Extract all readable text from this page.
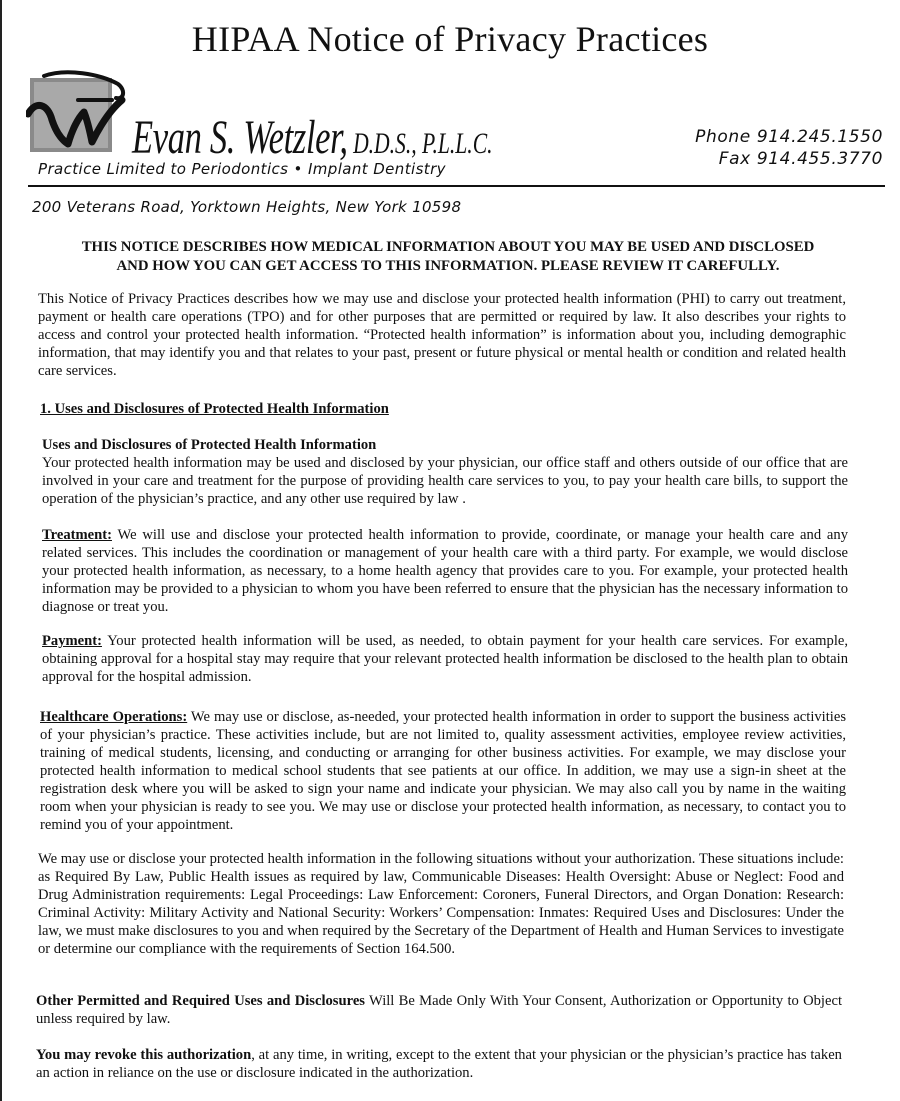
HIPAA Notice of Privacy Practices
Evan S. Wetzler, D.D.S., P.L.L.C.
Practice Limited to Periodontics • Implant Dentistry
Phone 914.245.1550
Fax 914.455.3770
200 Veterans Road, Yorktown Heights, New York 10598
THIS NOTICE DESCRIBES HOW MEDICAL INFORMATION ABOUT YOU MAY BE USED AND DISCLOSED
AND HOW YOU CAN GET ACCESS TO THIS INFORMATION. PLEASE REVIEW IT CAREFULLY.

This Notice of Privacy Practices describes how we may use and disclose your protected health information (PHI) to carry out treatment, payment or health care operations (TPO) and for other purposes that are permitted or required by law. It also describes your rights to access and control your protected health information. “Protected health information” is information about you, including demographic information, that may identify you and that relates to your past, present or future physical or mental health or condition and related health care services.

1. Uses and Disclosures of Protected Health Information

Uses and Disclosures of Protected Health Information

Your protected health information may be used and disclosed by your physician, our office staff and others outside of our office that are involved in your care and treatment for the purpose of providing health care services to you, to pay your health care bills, to support the operation of the physician’s practice, and any other use required by law .

Treatment: We will use and disclose your protected health information to provide, coordinate, or manage your health care and any related services. This includes the coordination or management of your health care with a third party. For example, we would disclose your protected health information, as necessary, to a home health agency that provides care to you. For example, your protected health information may be provided to a physician to whom you have been referred to ensure that the physician has the necessary information to diagnose or treat you.

Payment: Your protected health information will be used, as needed, to obtain payment for your health care services. For example, obtaining approval for a hospital stay may require that your relevant protected health information be disclosed to the health plan to obtain approval for the hospital admission.

Healthcare Operations: We may use or disclose, as-needed, your protected health information in order to support the business activities of your physician’s practice. These activities include, but are not limited to, quality assessment activities, employee review activities, training of medical students, licensing, and conducting or arranging for other business activities. For example, we may disclose your protected health information to medical school students that see patients at our office. In addition, we may use a sign-in sheet at the registration desk where you will be asked to sign your name and indicate your physician. We may also call you by name in the waiting room when your physician is ready to see you. We may use or disclose your protected health information, as necessary, to contact you to remind you of your appointment.

We may use or disclose your protected health information in the following situations without your authorization. These situations include: as Required By Law, Public Health issues as required by law, Communicable Diseases: Health Oversight: Abuse or Neglect: Food and Drug Administration requirements: Legal Proceedings: Law Enforcement: Coroners, Funeral Directors, and Organ Donation: Research: Criminal Activity: Military Activity and National Security: Workers’ Compensation: Inmates: Required Uses and Disclosures: Under the law, we must make disclosures to you and when required by the Secretary of the Department of Health and Human Services to investigate or determine our compliance with the requirements of Section 164.500.

Other Permitted and Required Uses and Disclosures Will Be Made Only With Your Consent, Authorization or Opportunity to Object unless required by law.

You may revoke this authorization, at any time, in writing, except to the extent that your physician or the physician’s practice has taken an action in reliance on the use or disclosure indicated in the authorization.
